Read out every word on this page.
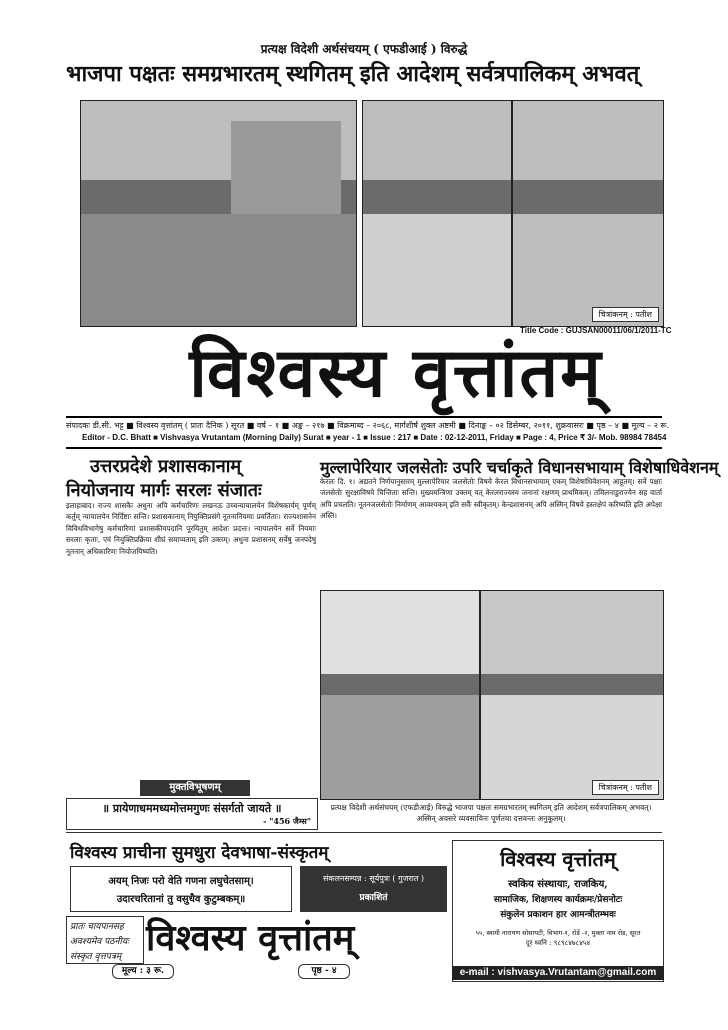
प्रत्यक्ष विदेशी अर्थसंचयम् ( एफडीआई ) विरुद्धे
भाजपा पक्षतः समग्रभारतम् स्थगितम् इति आदेशम् सर्वत्रपालिकम् अभवत्
चित्रांकनम् : पतीश
Title Code : GUJSAN00011/06/1/2011-TC
विश्वस्य वृत्तांतम्
संपादकः डी.सी. भट्ट ■ विश्वस्य वृत्तांतम् ( प्रातः दैनिक ) सूरत ■ वर्ष – १ ■ अङ्क – २१७ ■ विक्रमाब्द – २०६८, मार्गशीर्ष शुक्ल अष्टमी ■ दिनाङ्क – ०२ डिसेम्बर, २०११, शुक्रवासरः ■ पृष्ठ – ४ ■ मूल्य – २ रू.
Editor - D.C. Bhatt ■ Vishvasya Vrutantam (Morning Daily) Surat ■ year - 1 ■ Issue : 217 ■ Date : 02-12-2011, Friday ■ Page : 4, Price ₹ 3/- Mob. 98984 78454
उत्तरप्रदेशे प्रशासकानाम्
नियोजनाय मार्गः सरलः संजातः
मुल्लापेरियार जलसेतोः उपरि चर्चाकृते विधानसभायाम् विशेषाधिवेशनम्
इलाहाबाद। राज्य शासकैः अधुना अपि कर्मचारिणः लखनऊ उच्चन्यायालयेन विशेषकार्यम् पूर्णम् कर्तुम् न्यायालयेन निर्दिष्टाः सन्ति। प्रशासकानाम् नियुक्तिप्रसंगे नूतनानियमाः प्रवर्तिताः। राज्यशासनेन विविधविभागेषु कर्मचारिणां प्रशासकीयपदानि पूरयितुम् आदेशः प्रदत्तः। न्यायालयेन सर्वे नियमाः सरलाः कृताः, एवं नियुक्तिप्रक्रिया शीघ्रं समाप्यताम् इति उक्तम्। अधुना प्रशासनम् सर्वेषु जनपदेषु नूतनान् अधिकारिणः नियोजयिष्यति।
केरलः दि. १। अद्यतने निर्णयानुसारम् मुल्लापेरियार जलसेतोः विषये केरल विधानसभायाम् एकम् विशेषाधिवेशनम् आहूतम्। सर्वे पक्षाः जलसेतोः सुरक्षाविषये चिन्तिताः सन्ति। मुख्यमन्त्रिणा उक्तम् यत् केरलराज्यस्य जनानां रक्षणम् प्राथमिकम्। तमिलनाडुराज्येन सह वार्ता अपि प्रचलति। नूतनजलसेतोः निर्माणम् आवश्यकम् इति सर्वैः स्वीकृतम्। केन्द्रशासनम् अपि अस्मिन् विषये हस्तक्षेपं करिष्यति इति अपेक्षा अस्ति।
चित्रांकनम् : पतीश
मुक्तविभूषणम्
॥ प्रायेणाधममध्यमोत्तमगुणः संसर्गतो जायते ॥
- "456 जैम्स"
प्रत्यक्ष विदेशी अर्थसंचयम् (एफडीआई) विरुद्धे भाजपा पक्षतः समग्रभारतम् स्थगितम् इति आदेशम् सर्वत्रपालिकम् अभवत्। अस्मिन् अवसरे व्यवसायिनः पूर्णतया दत्तवन्तः अनुकूलम्।
विश्वस्य प्राचीना सुमधुरा देवभाषा-संस्कृतम्
अयम् निजः परो वेति गणना लघुचेतसाम्।
उदारचरितानां तु वसुधैव कुटुम्बकम्॥
संकलनसम्पन्न : सूर्यपुत्रः ( गुजरात )
प्रकाशितं
प्रातः चायपानसह
अवश्यमेव पठनीयः
संस्कृत वृत्तपत्रम् विश्वस्य वृत्तांतम्
मूल्य : ३ रू.	पृष्ठ - ४
विश्वस्य वृत्तांतम्
स्वकिय संस्थायाः, राजकिय,
सामाजिक, शिक्षणस्य कार्यक्रमः/प्रेसनोटः
संकुलेन प्रकाशन हार आमन्त्रीतम्भवः
५५, स्वामी नारायण सोसायटी, विभाग-१, रोडें -२, मुक्ता नाम रोड, सूरत
दूर ध्वनि : ९८९८४७८४५४
e-mail : vishvasya.Vrutantam@gmail.com
